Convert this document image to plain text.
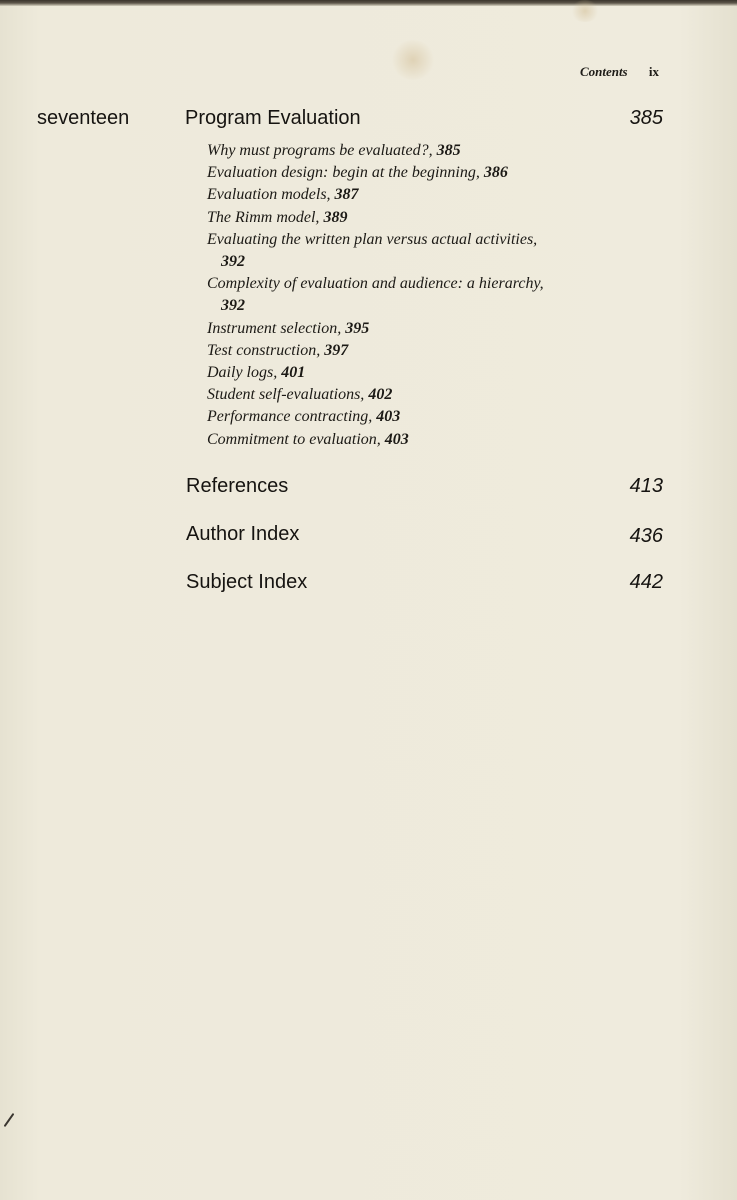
Contents ix
seventeen	Program Evaluation	385
Why must programs be evaluated?, 385
Evaluation design: begin at the beginning, 386
Evaluation models, 387
The Rimm model, 389
Evaluating the written plan versus actual activities, 392
Complexity of evaluation and audience: a hierarchy, 392
Instrument selection, 395
Test construction, 397
Daily logs, 401
Student self-evaluations, 402
Performance contracting, 403
Commitment to evaluation, 403
References	413
Author Index	436
Subject Index	442
